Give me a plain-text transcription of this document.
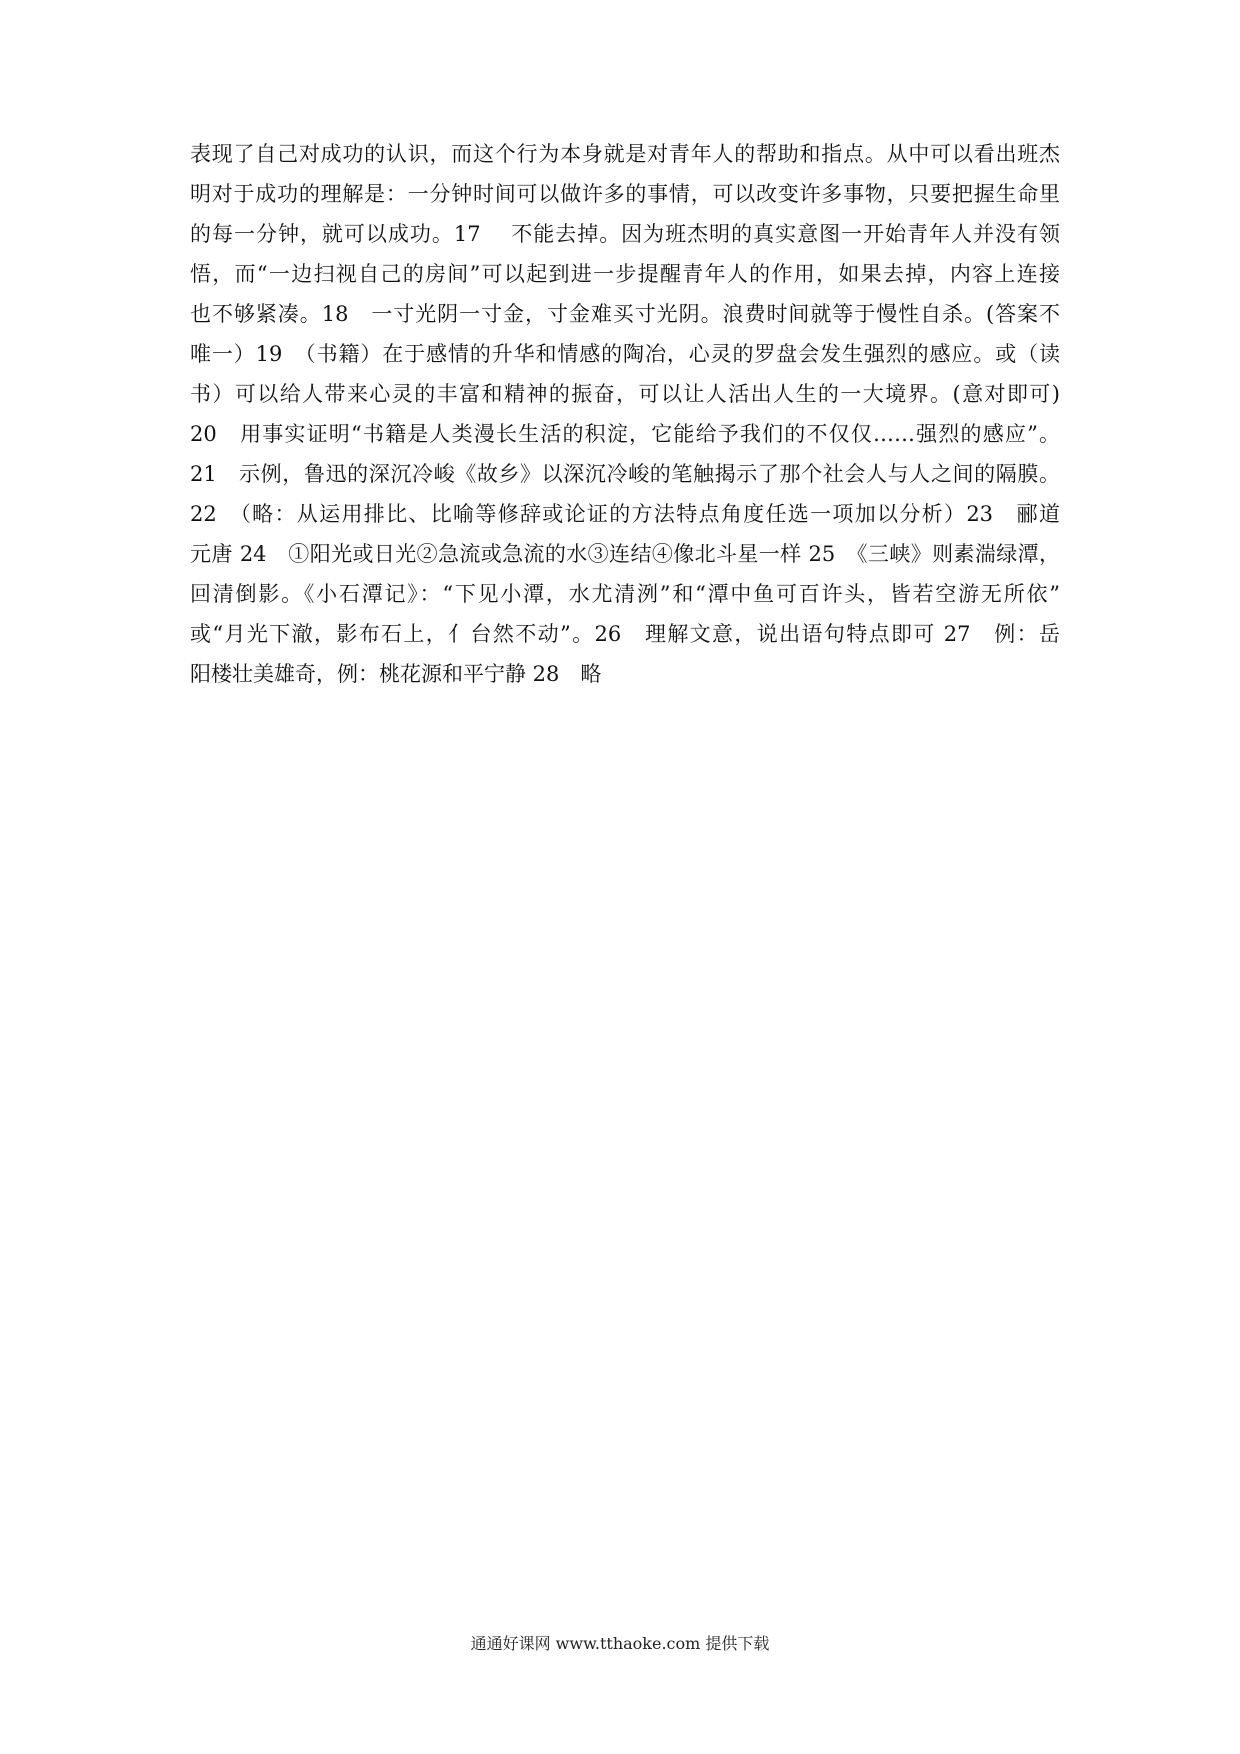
表现了自己对成功的认识，而这个行为本身就是对青年人的帮助和指点。从中可以看出班杰
明对于成功的理解是：一分钟时间可以做许多的事情，可以改变许多事物，只要把握生命里
的每一分钟，就可以成功。17　 不能去掉。因为班杰明的真实意图一开始青年人并没有领
悟，而“一边扫视自己的房间”可以起到进一步提醒青年人的作用，如果去掉，内容上连接
也不够紧凑。18　一寸光阴一寸金，寸金难买寸光阴。浪费时间就等于慢性自杀。(答案不
唯一）19　（书籍）在于感情的升华和情感的陶冶，心灵的罗盘会发生强烈的感应。或（读
书）可以给人带来心灵的丰富和精神的振奋，可以让人活出人生的一大境界。(意对即可)
20　用事实证明“书籍是人类漫长生活的积淀，它能给予我们的不仅仅……强烈的感应”。
21　示例，鲁迅的深沉冷峻《故乡》以深沉冷峻的笔触揭示了那个社会人与人之间的隔膜。
22　（略：从运用排比、比喻等修辞或论证的方法特点角度任选一项加以分析）23　郦道
元唐 24　①阳光或日光②急流或急流的水③连结④像北斗星一样 25　《三峡》则素湍绿潭，
回清倒影。《小石潭记》：“下见小潭，水尤清洌”和“潭中鱼可百许头，皆若空游无所依”
或“月光下澈，影布石上，亻台然不动”。26　理解文意，说出语句特点即可 27　例：岳
阳楼壮美雄奇，例：桃花源和平宁静 28　略
通通好课网 www.tthaoke.com 提供下载
